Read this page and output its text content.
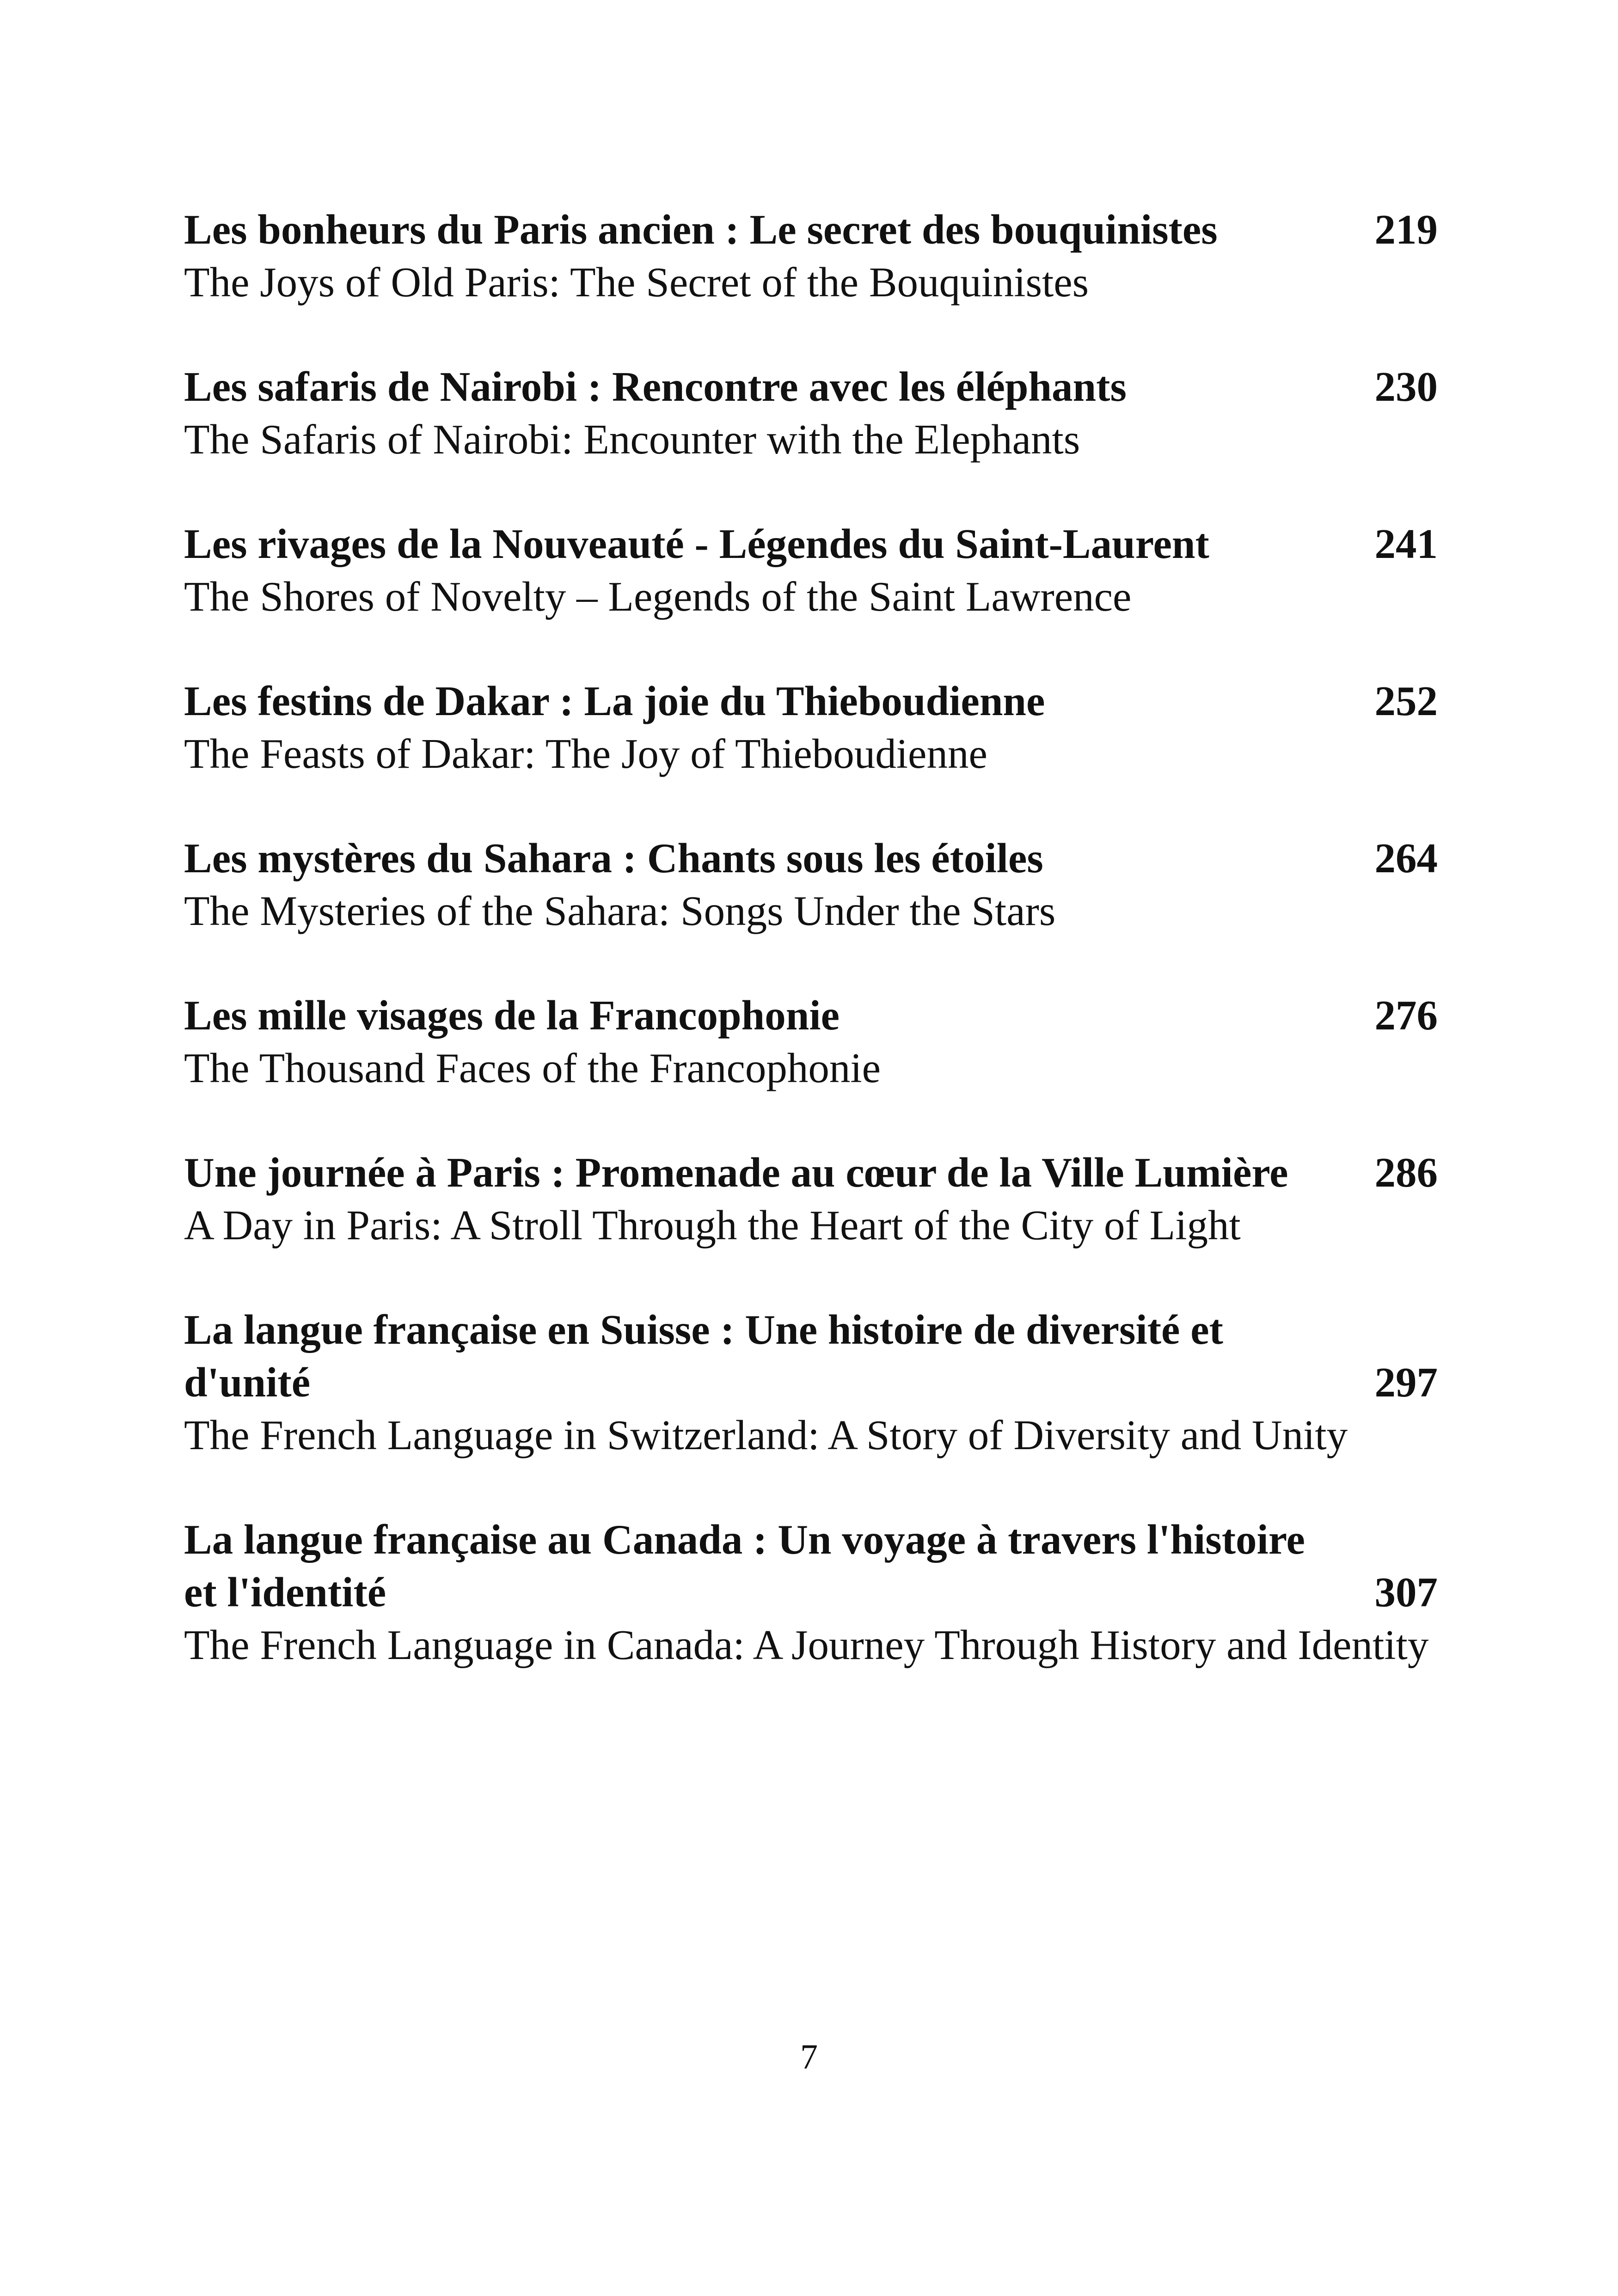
Les bonheurs du Paris ancien : Le secret des bouquinistes	219
The Joys of Old Paris: The Secret of the Bouquinistes
Les safaris de Nairobi : Rencontre avec les éléphants	230
The Safaris of Nairobi: Encounter with the Elephants
Les rivages de la Nouveauté - Légendes du Saint-Laurent	241
The Shores of Novelty – Legends of the Saint Lawrence
Les festins de Dakar : La joie du Thieboudienne	252
The Feasts of Dakar: The Joy of Thieboudienne
Les mystères du Sahara : Chants sous les étoiles	264
The Mysteries of the Sahara: Songs Under the Stars
Les mille visages de la Francophonie	276
The Thousand Faces of the Francophonie
Une journée à Paris : Promenade au cœur de la Ville Lumière	286
A Day in Paris: A Stroll Through the Heart of the City of Light
La langue française en Suisse : Une histoire de diversité et d'unité	297
The French Language in Switzerland: A Story of Diversity and Unity
La langue française au Canada : Un voyage à travers l'histoire et l'identité	307
The French Language in Canada: A Journey Through History and Identity
7
